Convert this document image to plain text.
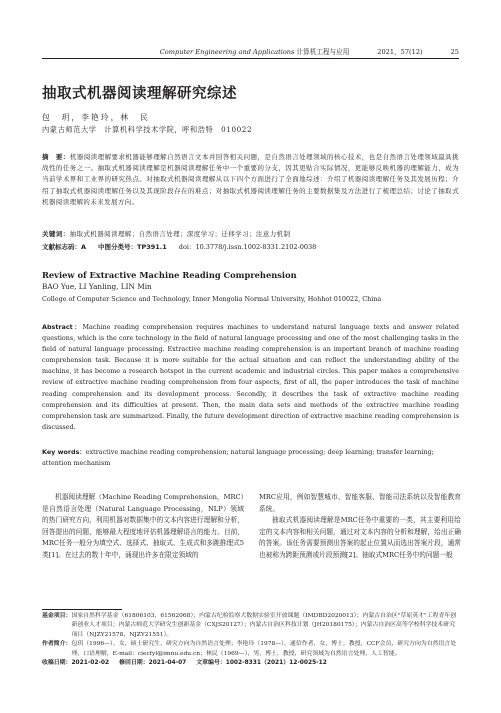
Computer Engineering and Applications 计算机工程与应用	2021，57(12)	25
抽取式机器阅读理解研究综述
包　玥，李艳玲，林　民
内蒙古师范大学　计算机科学技术学院，呼和浩特　010022
摘　要：机器阅读理解要求机器能够理解自然语言文本并回答相关问题，是自然语言处理领域的核心技术，也是自然语言处理领域最具挑战性的任务之一。抽取式机器阅读理解是机器阅读理解任务中一个重要的分支，因其更贴合实际情况，更能够反映机器的理解能力，成为当前学术界和工业界的研究热点。对抽取式机器阅读理解从以下四个方面进行了全面地综述：介绍了机器阅读理解任务及其发展历程；介绍了抽取式机器阅读理解任务以及其现阶段存在的难点；对抽取式机器阅读理解任务的主要数据集及方法进行了梳理总结；讨论了抽取式机器阅读理解的未来发展方向。
关键词：抽取式机器阅读理解；自然语言处理；深度学习；迁移学习；注意力机制
文献标志码：A 中图分类号：TP391.1 doi：10.3778/j.issn.1002-8331.2102-0038
Review of Extractive Machine Reading Comprehension
BAO Yue, LI Yanling, LIN Min
College of Computer Science and Technology, Inner Mongolia Normal University, Hohhot 010022, China
Abstract：Machine reading comprehension requires machines to understand natural language texts and answer related questions, which is the core technology in the field of natural language processing and one of the most challenging tasks in the field of natural language processing. Extractive machine reading comprehension is an important branch of machine reading comprehension task. Because it is more suitable for the actual situation and can reflect the understanding ability of the machine, it has become a research hotspot in the current academic and industrial circles. This paper makes a comprehensive review of extractive machine reading comprehension from four aspects, first of all, the paper introduces the task of machine reading comprehension and its development process. Secondly, it describes the task of extractive machine reading comprehension and its difficulties at present. Then, the main data sets and methods of the extractive machine reading comprehension task are summarized. Finally, the future development direction of extractive machine reading comprehension is discussed.
Key words：extractive machine reading comprehension; natural language processing; deep learning; transfer learning; attention mechanism
机器阅读理解（Machine Reading Comprehension，MRC）是自然语言处理（Natural Language Processing，NLP）领域的热门研究方向，利用机器对数据集中的文本内容进行理解和分析，回答提出的问题，能够最大程度地评估机器理解语言的能力。目前，MRC任务一般分为填空式、选择式、抽取式、生成式和多跳推理式5类[1]。在过去的数十年中，涌现出许多在限定领域的
MRC应用，例如智慧城市、智能客服、智能司法系统以及智能教育系统。
抽取式机器阅读理解是MRC任务中重要的一类，其主要利用给定的文本内容和相关问题，通过对文本内容的分析和理解，给出正确的答案。该任务需要预测出答案的起止位置从而选出答案片段，通常也被称为跨距预测或片段预测[2]。抽取式MRC任务中的问题一般
基金项目： 国家自然科学基金（61806103，61562068）；内蒙古纪检监察大数据实验室开放课题（IMDBD2020013）；内蒙古自治区"草原英才"工程青年创新创业人才项目；内蒙古师范大学研究生创新基金（CXJS20127）；内蒙古自治区科技计划（JH20180175）；内蒙古自治区高等学校科学技术研究项目（NJZY21578，NJZY21551）。
作者简介： 包玥（1996—），女，硕士研究生，研究方向为自然语言处理；李艳玲（1978—），通信作者，女，博士，教授，CCF会员，研究方向为自然语言处理、口语理解，E-mail：ciecfyl@imnu.edu.cn；林民（1969—），男，博士，教授，研究领域为自然语言处理、人工智能。
收稿日期：2021-02-02 修回日期：2021-04-07 文章编号：1002-8331（2021）12-0025-12
